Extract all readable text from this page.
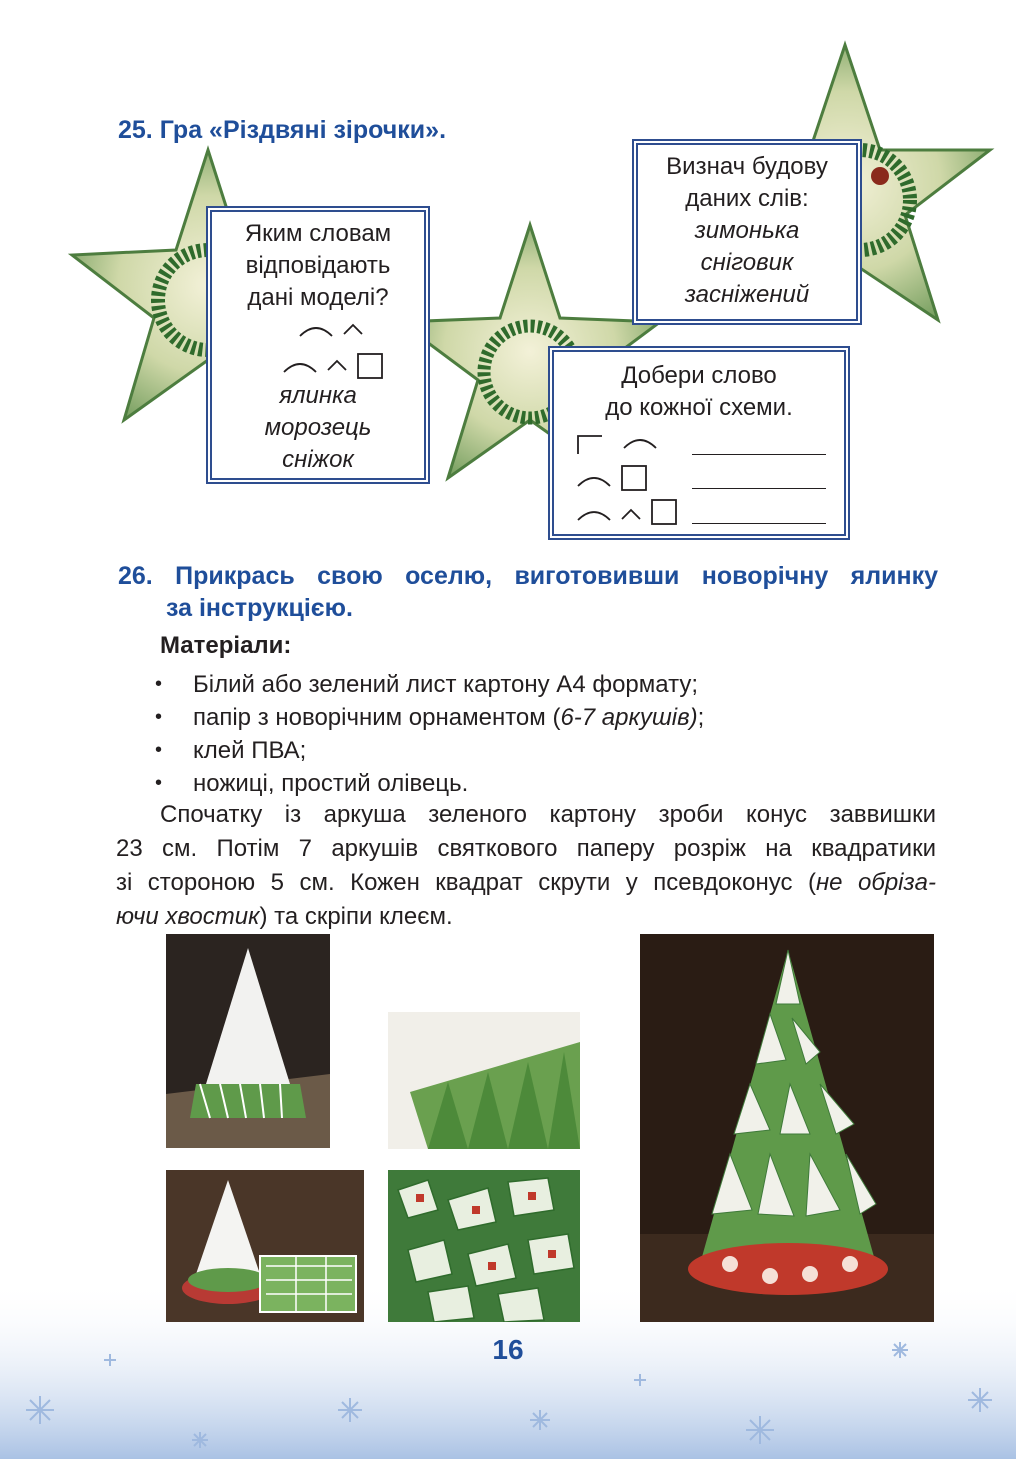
25. Гра «Різдвяні зірочки».
Яким словам
відповідають
дані моделі?
ялинка
морозець
сніжок
Визнач будову
даних слів:
зимонька
сніговик
засніжений
Добери слово
до кожної схеми.
26. Прикрась свою оселю, виготовивши новорічну ялинку
за інструкцією.
Матеріали:
• Білий або зелений лист картону А4 формату;
• папір з новорічним орнаментом (6-7 аркушів);
• клей ПВА;
• ножиці, простий олівець.
Спочатку із аркуша зеленого картону зроби конус заввишки
23 см. Потім 7 аркушів святкового паперу розріж на квадратики
зі стороною 5 см. Кожен квадрат скрути у псевдоконус (не обрізa-
ючи хвостик) та скріпи клеєм.
16
